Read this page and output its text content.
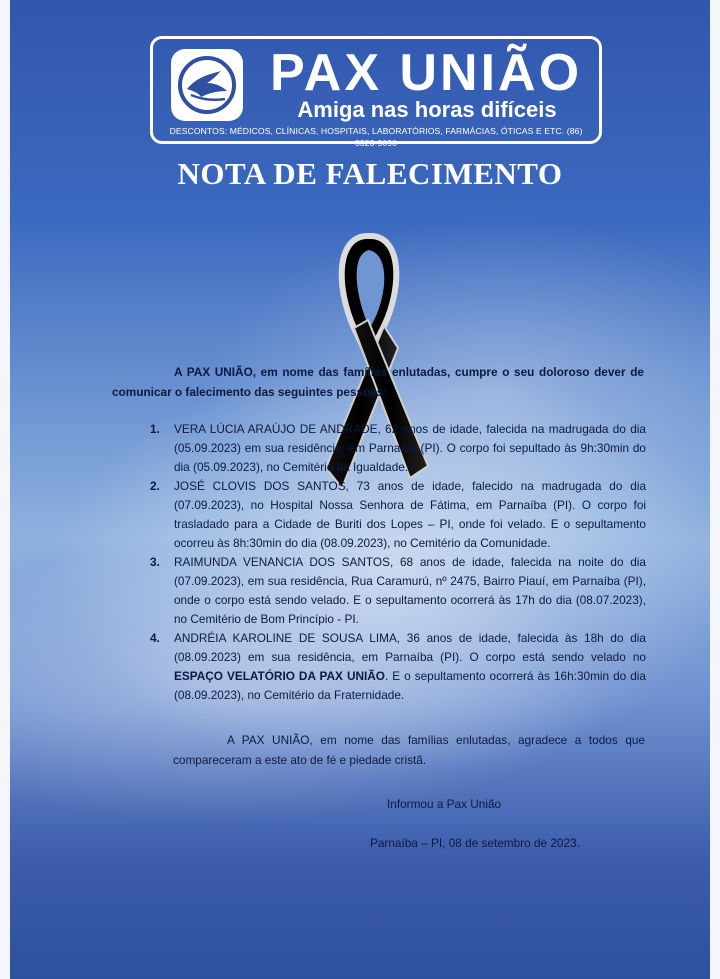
PAX UNIÃO
Amiga nas horas difíceis
DESCONTOS: MÉDICOS, CLÍNICAS, HOSPITAIS, LABORATÓRIOS, FARMÁCIAS, ÓTICAS E ETC. (86) 3323-9090
NOTA DE FALECIMENTO
A PAX UNIÃO, em nome das famílias enlutadas, cumpre o seu doloroso dever de comunicar o falecimento das seguintes pessoas:
1. VERA LÚCIA ARAÚJO DE ANDRADE, 62 anos de idade, falecida na madrugada do dia (05.09.2023) em sua residência, em Parnaíba (PI). O corpo foi sepultado às 9h:30min do dia (05.09.2023), no Cemitério da Igualdade.
2. JOSÉ CLOVIS DOS SANTOS, 73 anos de idade, falecido na madrugada do dia (07.09.2023), no Hospital Nossa Senhora de Fátima, em Parnaíba (PI). O corpo foi trasladado para a Cidade de Buriti dos Lopes – PI, onde foi velado. E o sepultamento ocorreu às 8h:30min do dia (08.09.2023), no Cemitério da Comunidade.
3. RAIMUNDA VENANCIA DOS SANTOS, 68 anos de idade, falecida na noite do dia (07.09.2023), em sua residência, Rua Caramurú, nº 2475, Bairro Piauí, em Parnaíba (PI), onde o corpo está sendo velado. E o sepultamento ocorrerá às 17h do dia (08.07.2023), no Cemitério de Bom Princípio - PI.
4. ANDRÉIA KAROLINE DE SOUSA LIMA, 36 anos de idade, falecida às 18h do dia (08.09.2023) em sua residência, em Parnaíba (PI). O corpo está sendo velado no ESPAÇO VELATÓRIO DA PAX UNIÃO. E o sepultamento ocorrerá às 16h:30min do dia (08.09.2023), no Cemitério da Fraternidade.
A PAX UNIÃO, em nome das famílias enlutadas, agradece a todos que compareceram a este ato de fé e piedade cristã.
Informou a Pax União
Parnaíba – PI, 08 de setembro de 2023.
